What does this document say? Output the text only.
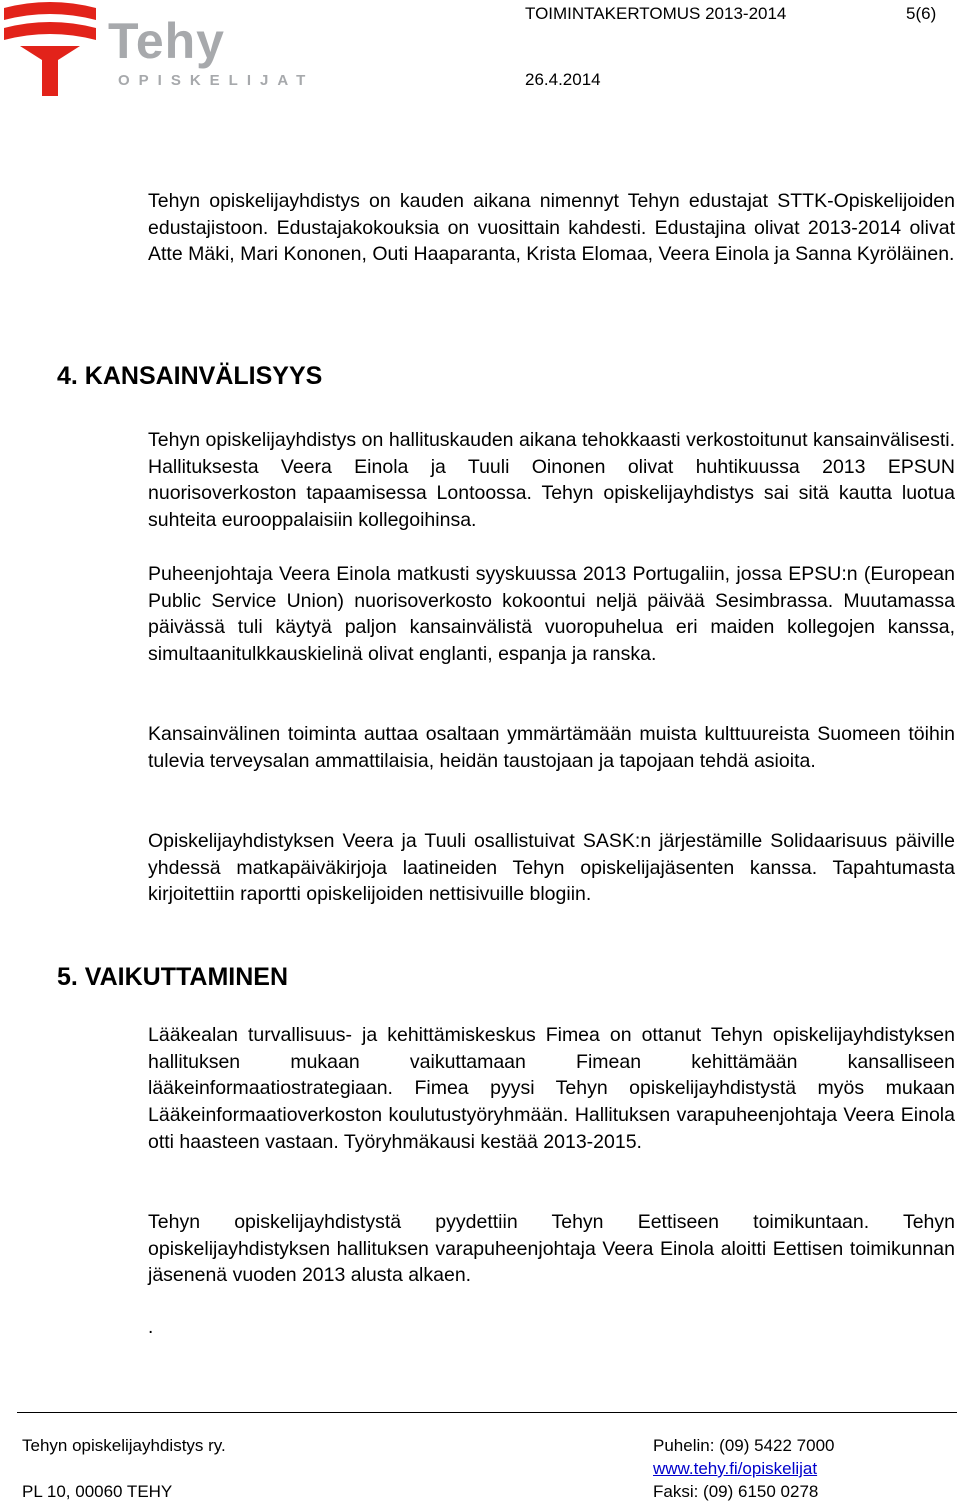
Tehy
OPISKELIJAT
TOIMINTAKERTOMUS 2013-2014	5(6)
26.4.2014

Tehyn opiskelijayhdistys on kauden aikana nimennyt Tehyn edustajat STTK-Opiskelijoiden edustajistoon. Edustajakokouksia on vuosittain kahdesti. Edustajina olivat 2013-2014 olivat Atte Mäki, Mari Kononen, Outi Haaparanta, Krista Elomaa, Veera Einola ja Sanna Kyröläinen.

4. KANSAINVÄLISYYS

Tehyn opiskelijayhdistys on hallituskauden aikana tehokkaasti verkostoitunut kansainvälisesti. Hallituksesta Veera Einola ja Tuuli Oinonen olivat huhtikuussa 2013 EPSUN nuorisoverkoston tapaamisessa Lontoossa. Tehyn opiskelijayhdistys sai sitä kautta luotua suhteita eurooppalaisiin kollegoihinsa.

Puheenjohtaja Veera Einola matkusti syyskuussa 2013 Portugaliin, jossa EPSU:n (European Public Service Union) nuorisoverkosto kokoontui neljä päivää Sesimbrassa. Muutamassa päivässä tuli käytyä paljon kansainvälistä vuoropuhelua eri maiden kollegojen kanssa, simultaanitulkkauskielinä olivat englanti, espanja ja ranska.

Kansainvälinen toiminta auttaa osaltaan ymmärtämään muista kulttuureista Suomeen töihin tulevia terveysalan ammattilaisia, heidän taustojaan ja tapojaan tehdä asioita.

Opiskelijayhdistyksen Veera ja Tuuli osallistuivat SASK:n järjestämille Solidaarisuus päiville yhdessä matkapäiväkirjoja laatineiden Tehyn opiskelijajäsenten kanssa. Tapahtumasta kirjoitettiin raportti opiskelijoiden nettisivuille blogiin.

5. VAIKUTTAMINEN

Lääkealan turvallisuus- ja kehittämiskeskus Fimea on ottanut Tehyn opiskelijayhdistyksen hallituksen mukaan vaikuttamaan Fimean kehittämään kansalliseen lääkeinformaatiostrategiaan. Fimea pyysi Tehyn opiskelijayhdistystä myös mukaan Lääkeinformaatioverkoston koulutustyöryhmään. Hallituksen varapuheenjohtaja Veera Einola otti haasteen vastaan. Työryhmäkausi kestää 2013-2015.

Tehyn opiskelijayhdistystä pyydettiin Tehyn Eettiseen toimikuntaan. Tehyn opiskelijayhdistyksen hallituksen varapuheenjohtaja Veera Einola aloitti Eettisen toimikunnan jäsenenä vuoden 2013 alusta alkaen.

.
Tehyn opiskelijayhdistys ry.
PL 10, 00060 TEHY
Puhelin: (09) 5422 7000
www.tehy.fi/opiskelijat
Faksi: (09) 6150 0278
